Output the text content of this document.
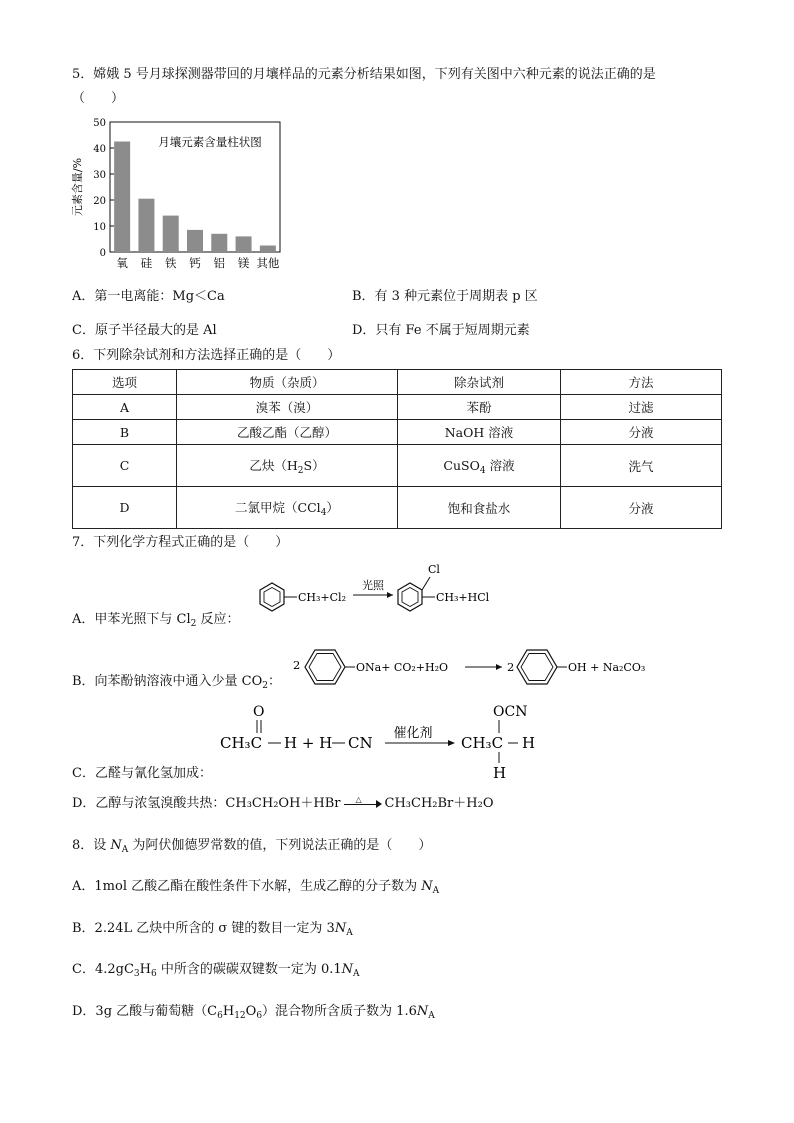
5．嫦娥 5 号月球探测器带回的月壤样品的元素分析结果如图，下列有关图中六种元素的说法正确的是
（　　）
月壤元素含量柱状图
元素含量/%
0
10
20
30
40
50
氧 硅 铁 钙 铝 镁 其他
A．第一电离能：Mg＜Ca	B．有 3 种元素位于周期表 p 区
C．原子半径最大的是 Al	D．只有 Fe 不属于短周期元素
6．下列除杂试剂和方法选择正确的是（　　）
选项	物质（杂质）	除杂试剂	方法
A	溴苯（溴）	苯酚	过滤
B	乙酸乙酯（乙醇）	NaOH 溶液	分液
C	乙炔$(H_2S)$	CuSO$_4$ 溶液	洗气
D	二氯甲烷（CCl$_4$）	饱和食盐水	分液
7．下列化学方程式正确的是（　　）
A．甲苯光照下与 $Cl_2$ 反应：
CH₃+Cl₂
光照
Cl
CH₃+HCl
B．向苯酚钠溶液中通入少量 $CO_2$：
2	ONa+ CO₂+H₂O	2	OH + Na₂CO₃
O
CH₃C H + H CN
催化剂
CH₃C
OCN
H
H
C．乙醛与氰化氢加成：
D．乙醇与浓氢溴酸共热：CH₃CH₂OH＋HBr △ CH₃CH₂Br＋H₂O
8．设 $N_A$ 为阿伏伽德罗常数的值，下列说法正确的是（　　）
A．1mol 乙酸乙酯在酸性条件下水解，生成乙醇的分子数为 $N_A$
B．2.24L 乙炔中所含的 σ 键的数目一定为 $3N_A$
C．$4.2gC_3H_6$ 中所含的碳碳双键数一定为 $0.1N_A$
D．3g 乙酸与葡萄糖$(C_6H_{12}O_6)$混合物所含质子数为 $1.6N_A$
